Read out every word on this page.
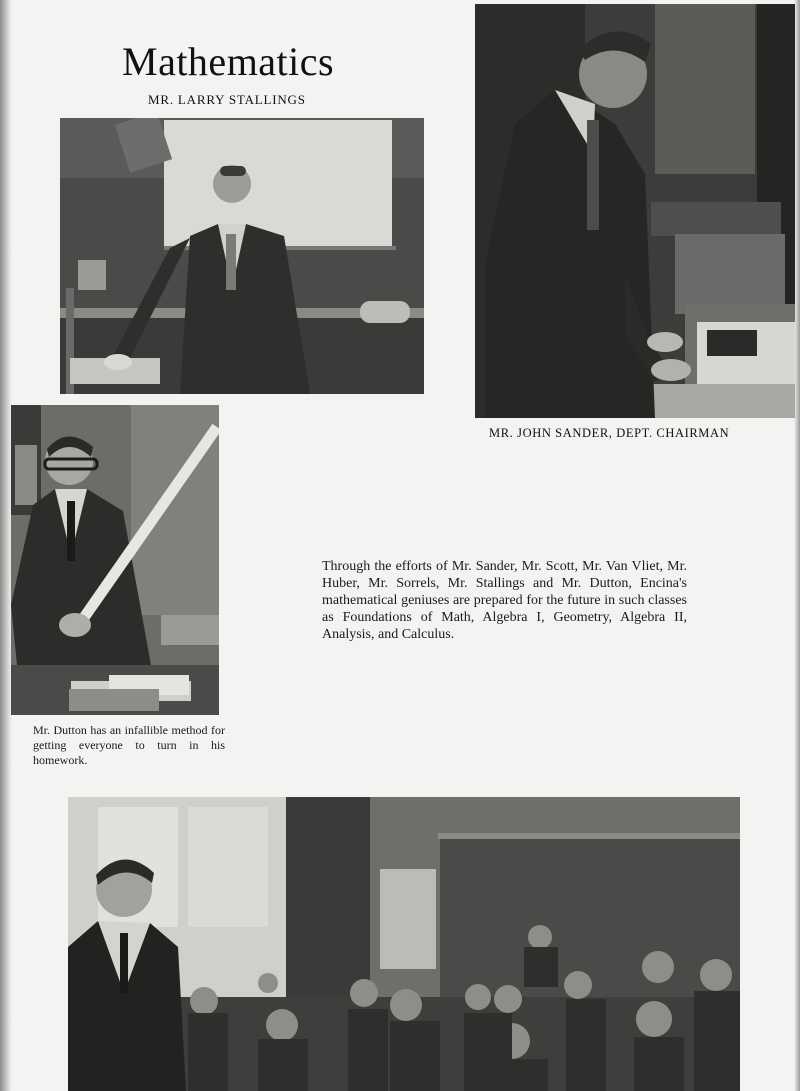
Mathematics
MR. LARRY STALLINGS
MR. JOHN SANDER, DEPT. CHAIRMAN
Mr. Dutton has an infallible method for getting everyone to turn in his homework.
Through the efforts of Mr. Sander, Mr. Scott, Mr. Van Vliet, Mr. Huber, Mr. Sorrels, Mr. Stallings and Mr. Dutton, Encina's mathematical geniuses are prepared for the future in such classes as Foundations of Math, Algebra I, Geometry, Algebra II, Analysis, and Calculus.
